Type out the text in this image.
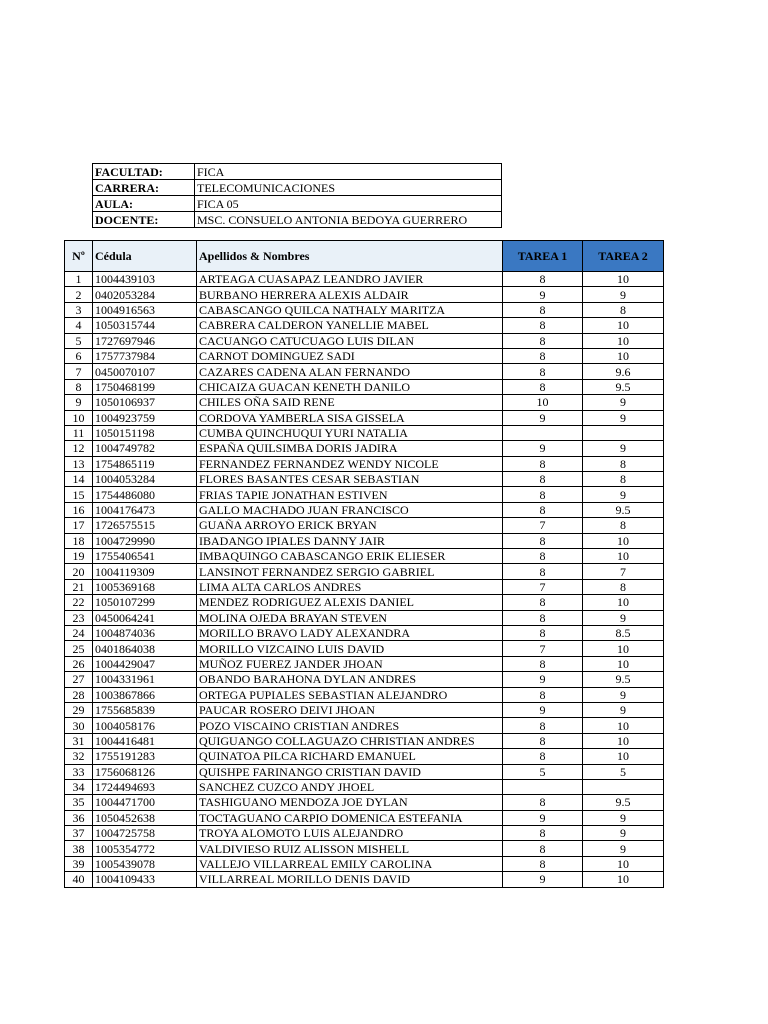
FACULTAD:	FICA
CARRERA:	TELECOMUNICACIONES
AULA:	FICA 05
DOCENTE:	MSC. CONSUELO ANTONIA BEDOYA GUERRERO
Nº	Cédula	Apellidos & Nombres	TAREA 1	TAREA 2
1	1004439103	ARTEAGA CUASAPAZ LEANDRO JAVIER	8	10
2	0402053284	BURBANO HERRERA ALEXIS ALDAIR	9	9
3	1004916563	CABASCANGO QUILCA NATHALY MARITZA	8	8
4	1050315744	CABRERA CALDERON YANELLIE MABEL	8	10
5	1727697946	CACUANGO CATUCUAGO LUIS DILAN	8	10
6	1757737984	CARNOT DOMINGUEZ SADI	8	10
7	0450070107	CAZARES CADENA ALAN FERNANDO	8	9.6
8	1750468199	CHICAIZA GUACAN KENETH DANILO	8	9.5
9	1050106937	CHILES OÑA SAID RENE	10	9
10	1004923759	CORDOVA YAMBERLA SISA GISSELA	9	9
11	1050151198	CUMBA QUINCHUQUI YURI NATALIA		
12	1004749782	ESPAÑA QUILSIMBA DORIS JADIRA	9	9
13	1754865119	FERNANDEZ FERNANDEZ WENDY NICOLE	8	8
14	1004053284	FLORES BASANTES CESAR SEBASTIAN	8	8
15	1754486080	FRIAS TAPIE JONATHAN ESTIVEN	8	9
16	1004176473	GALLO MACHADO JUAN FRANCISCO	8	9.5
17	1726575515	GUAÑA ARROYO ERICK BRYAN	7	8
18	1004729990	IBADANGO IPIALES DANNY JAIR	8	10
19	1755406541	IMBAQUINGO CABASCANGO ERIK ELIESER	8	10
20	1004119309	LANSINOT FERNANDEZ SERGIO GABRIEL	8	7
21	1005369168	LIMA ALTA CARLOS ANDRES	7	8
22	1050107299	MENDEZ RODRIGUEZ ALEXIS DANIEL	8	10
23	0450064241	MOLINA OJEDA BRAYAN STEVEN	8	9
24	1004874036	MORILLO BRAVO LADY ALEXANDRA	8	8.5
25	0401864038	MORILLO VIZCAINO LUIS DAVID	7	10
26	1004429047	MUÑOZ FUEREZ JANDER JHOAN	8	10
27	1004331961	OBANDO BARAHONA DYLAN ANDRES	9	9.5
28	1003867866	ORTEGA PUPIALES SEBASTIAN ALEJANDRO	8	9
29	1755685839	PAUCAR ROSERO DEIVI JHOAN	9	9
30	1004058176	POZO VISCAINO CRISTIAN ANDRES	8	10
31	1004416481	QUIGUANGO COLLAGUAZO CHRISTIAN ANDRES	8	10
32	1755191283	QUINATOA PILCA RICHARD EMANUEL	8	10
33	1756068126	QUISHPE FARINANGO CRISTIAN DAVID	5	5
34	1724494693	SANCHEZ CUZCO ANDY JHOEL		
35	1004471700	TASHIGUANO MENDOZA JOE DYLAN	8	9.5
36	1050452638	TOCTAGUANO CARPIO DOMENICA ESTEFANIA	9	9
37	1004725758	TROYA ALOMOTO LUIS ALEJANDRO	8	9
38	1005354772	VALDIVIESO RUIZ ALISSON MISHELL	8	9
39	1005439078	VALLEJO VILLARREAL EMILY CAROLINA	8	10
40	1004109433	VILLARREAL MORILLO DENIS DAVID	9	10
